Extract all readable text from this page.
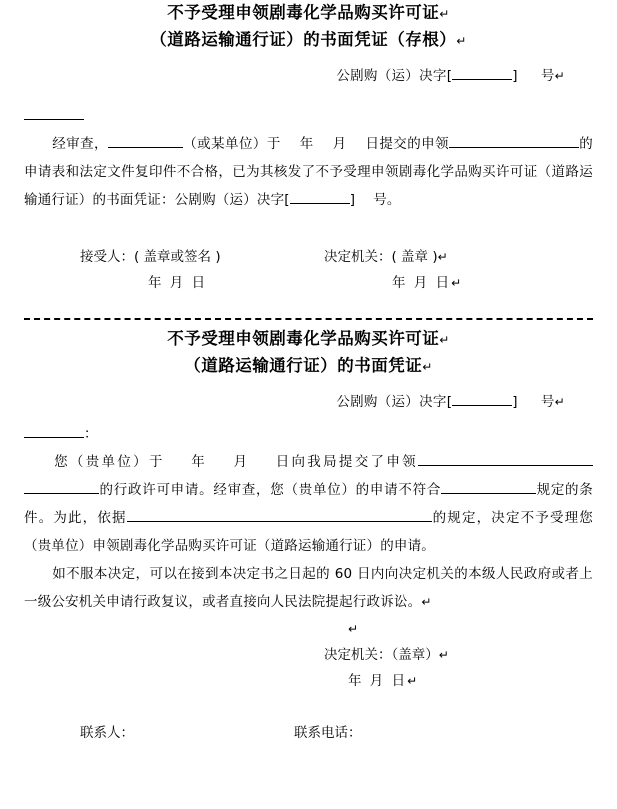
不予受理申领剧毒化学品购买许可证↵
（道路运输通行证）的书面凭证（存根）↵
公剧购（运）决字[	] 号↵
经审查，	（或某单位）于 年 月 日提交的申领	的申请表和法定文件复印件不合格，已为其核发了不予受理申领剧毒化学品购买许可证（道路运输通行证）的书面凭证：公剧购（运）决字[	] 号。
接受人：( 盖章或签名 )	决定机关：( 盖章 )↵
年 月 日	年 月 日↵
不予受理申领剧毒化学品购买许可证↵
（道路运输通行证）的书面凭证↵
公剧购（运）决字[	] 号↵
：
您（贵单位）于 年 月 日向我局提交了申领的行政许可申请。经审查，您（贵单位）的申请不符合	规定的条件。为此，依据	的规定，决定不予受理您（贵单位）申领剧毒化学品购买许可证（道路运输通行证）的申请。
如不服本决定，可以在接到本决定书之日起的 60 日内向决定机关的本级人民政府或者上一级公安机关申请行政复议，或者直接向人民法院提起行政诉讼。↵
↵
决定机关：（盖章）↵
年 月 日↵
联系人：	联系电话：
